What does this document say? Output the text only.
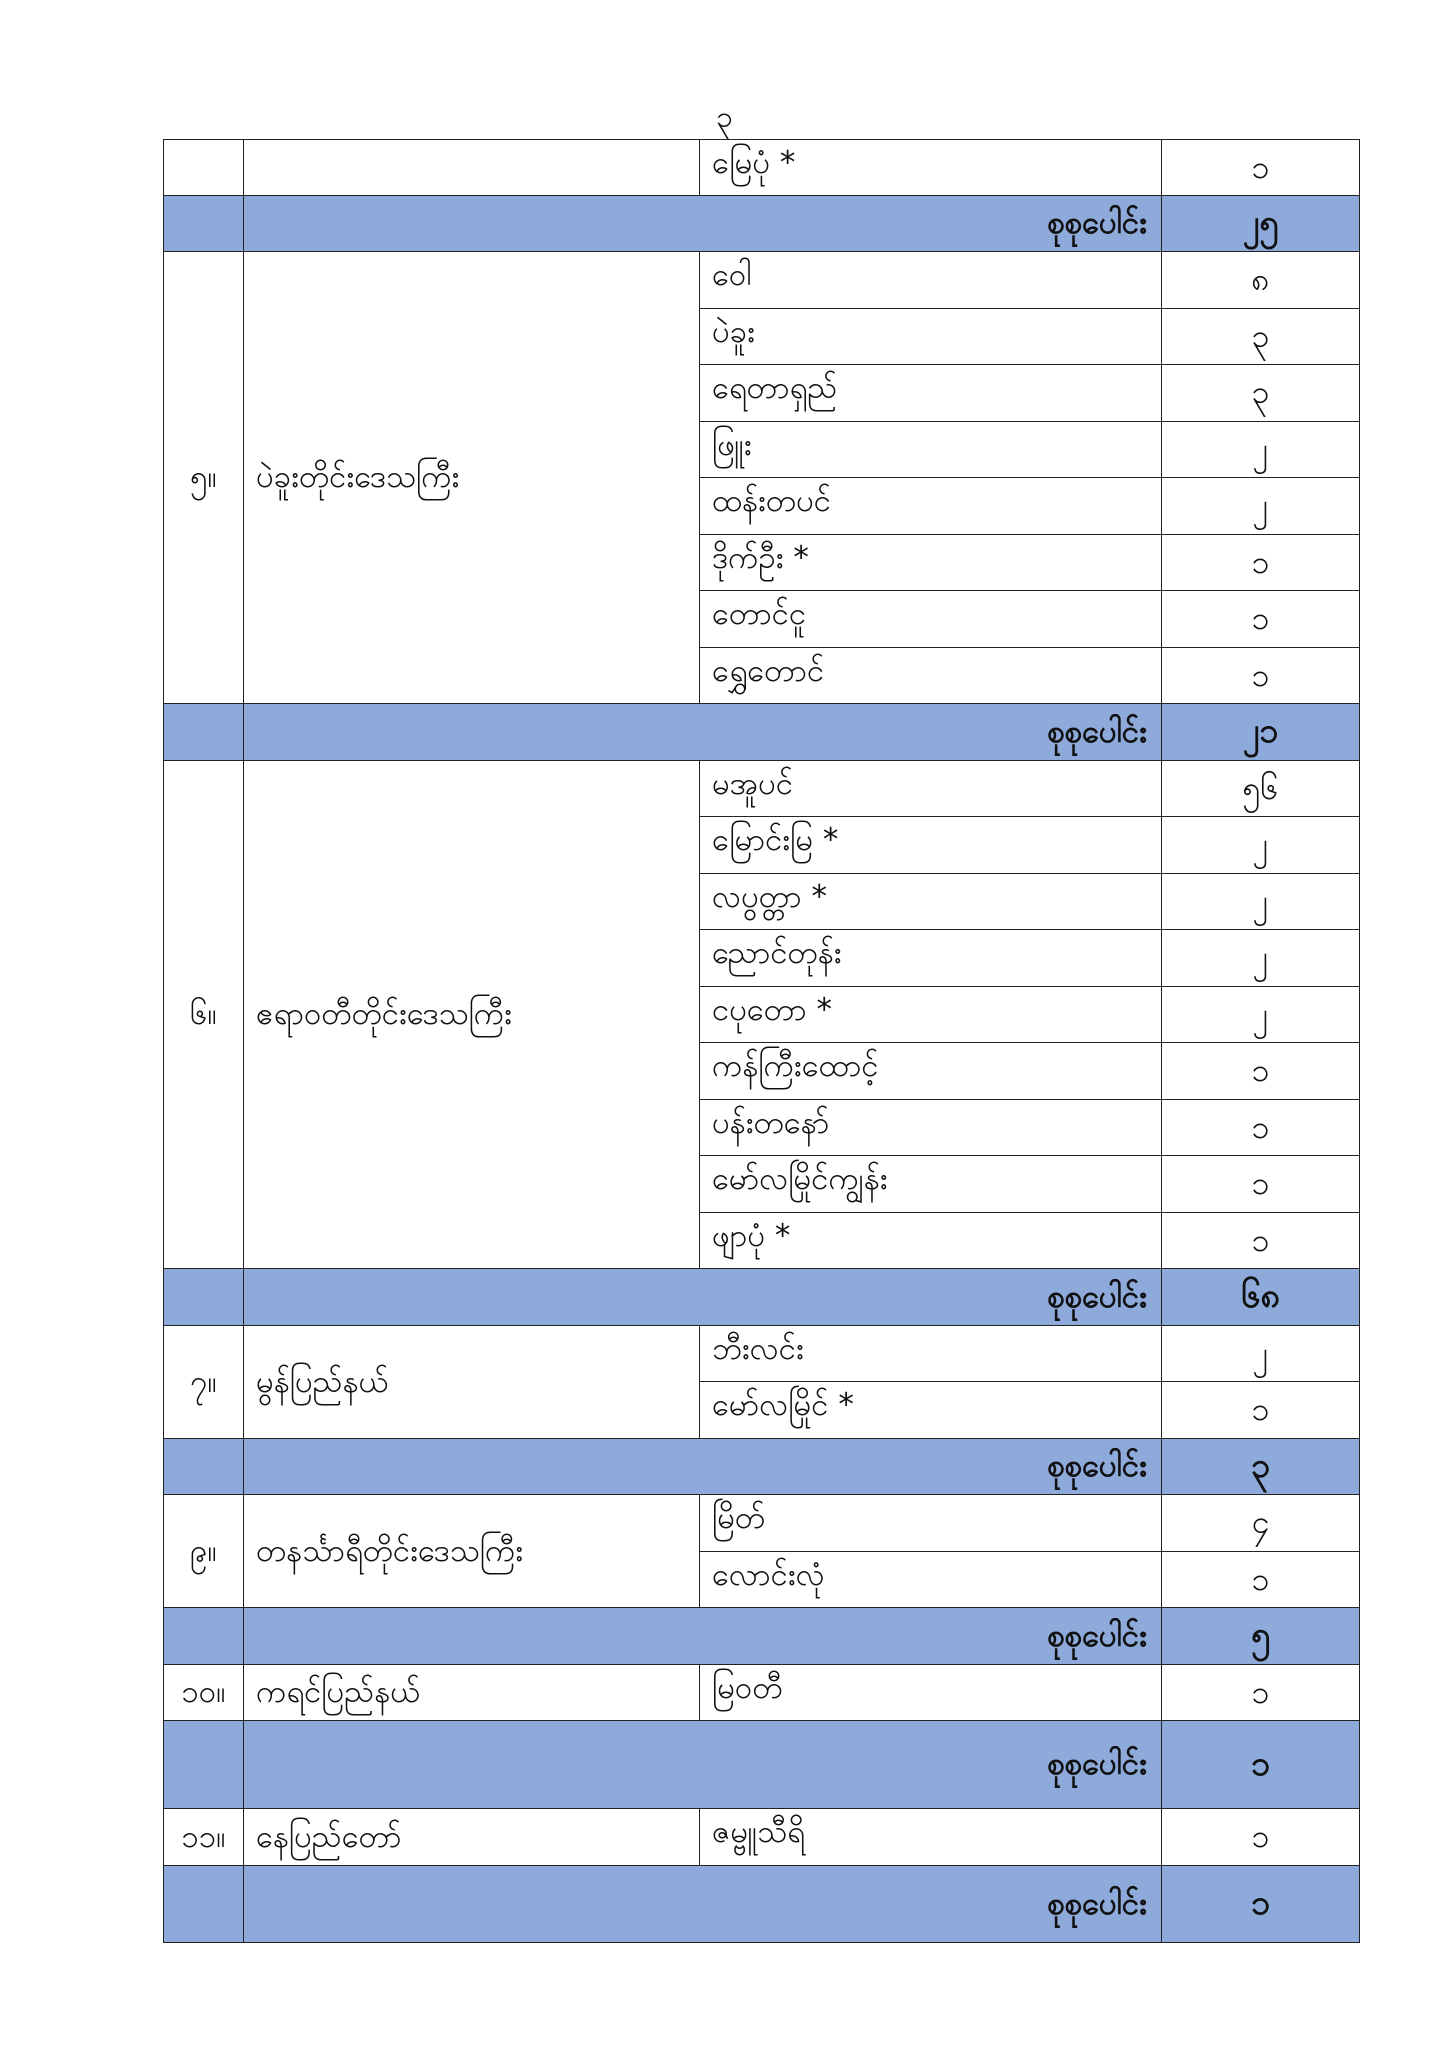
၃
		မြေပုံ *	၁
	စုစုပေါင်း		၂၅
၅။	ပဲခူးတိုင်းဒေသကြီး	ဝေါ	၈
		ပဲခူး	၃
		ရေတာရှည်	၃
		ဖြူး	၂
		ထန်းတပင်	၂
		ဒိုက်ဦး *	၁
		တောင်ငူ	၁
		ရွှေတောင်	၁
	စုစုပေါင်း		၂၁
၆။	ဧရာဝတီတိုင်းဒေသကြီး	မအူပင်	၅၆
		မြောင်းမြ *	၂
		လပွတ္တာ *	၂
		ညောင်တုန်း	၂
		ငပုတော *	၂
		ကန်ကြီးထောင့်	၁
		ပန်းတနော်	၁
		မော်လမြိုင်ကျွန်း	၁
		ဖျာပုံ *	၁
	စုစုပေါင်း		၆၈
၇။	မွန်ပြည်နယ်	ဘီးလင်း	၂
		မော်လမြိုင် *	၁
	စုစုပေါင်း		၃
၉။	တနင်္သာရီတိုင်းဒေသကြီး	မြိတ်	၄
		လောင်းလုံ	၁
	စုစုပေါင်း		၅
၁၀။	ကရင်ပြည်နယ်	မြဝတီ	၁
	စုစုပေါင်း		၁
၁၁။	နေပြည်တော်	ဇမ္ဗူသီရိ	၁
	စုစုပေါင်း		၁
